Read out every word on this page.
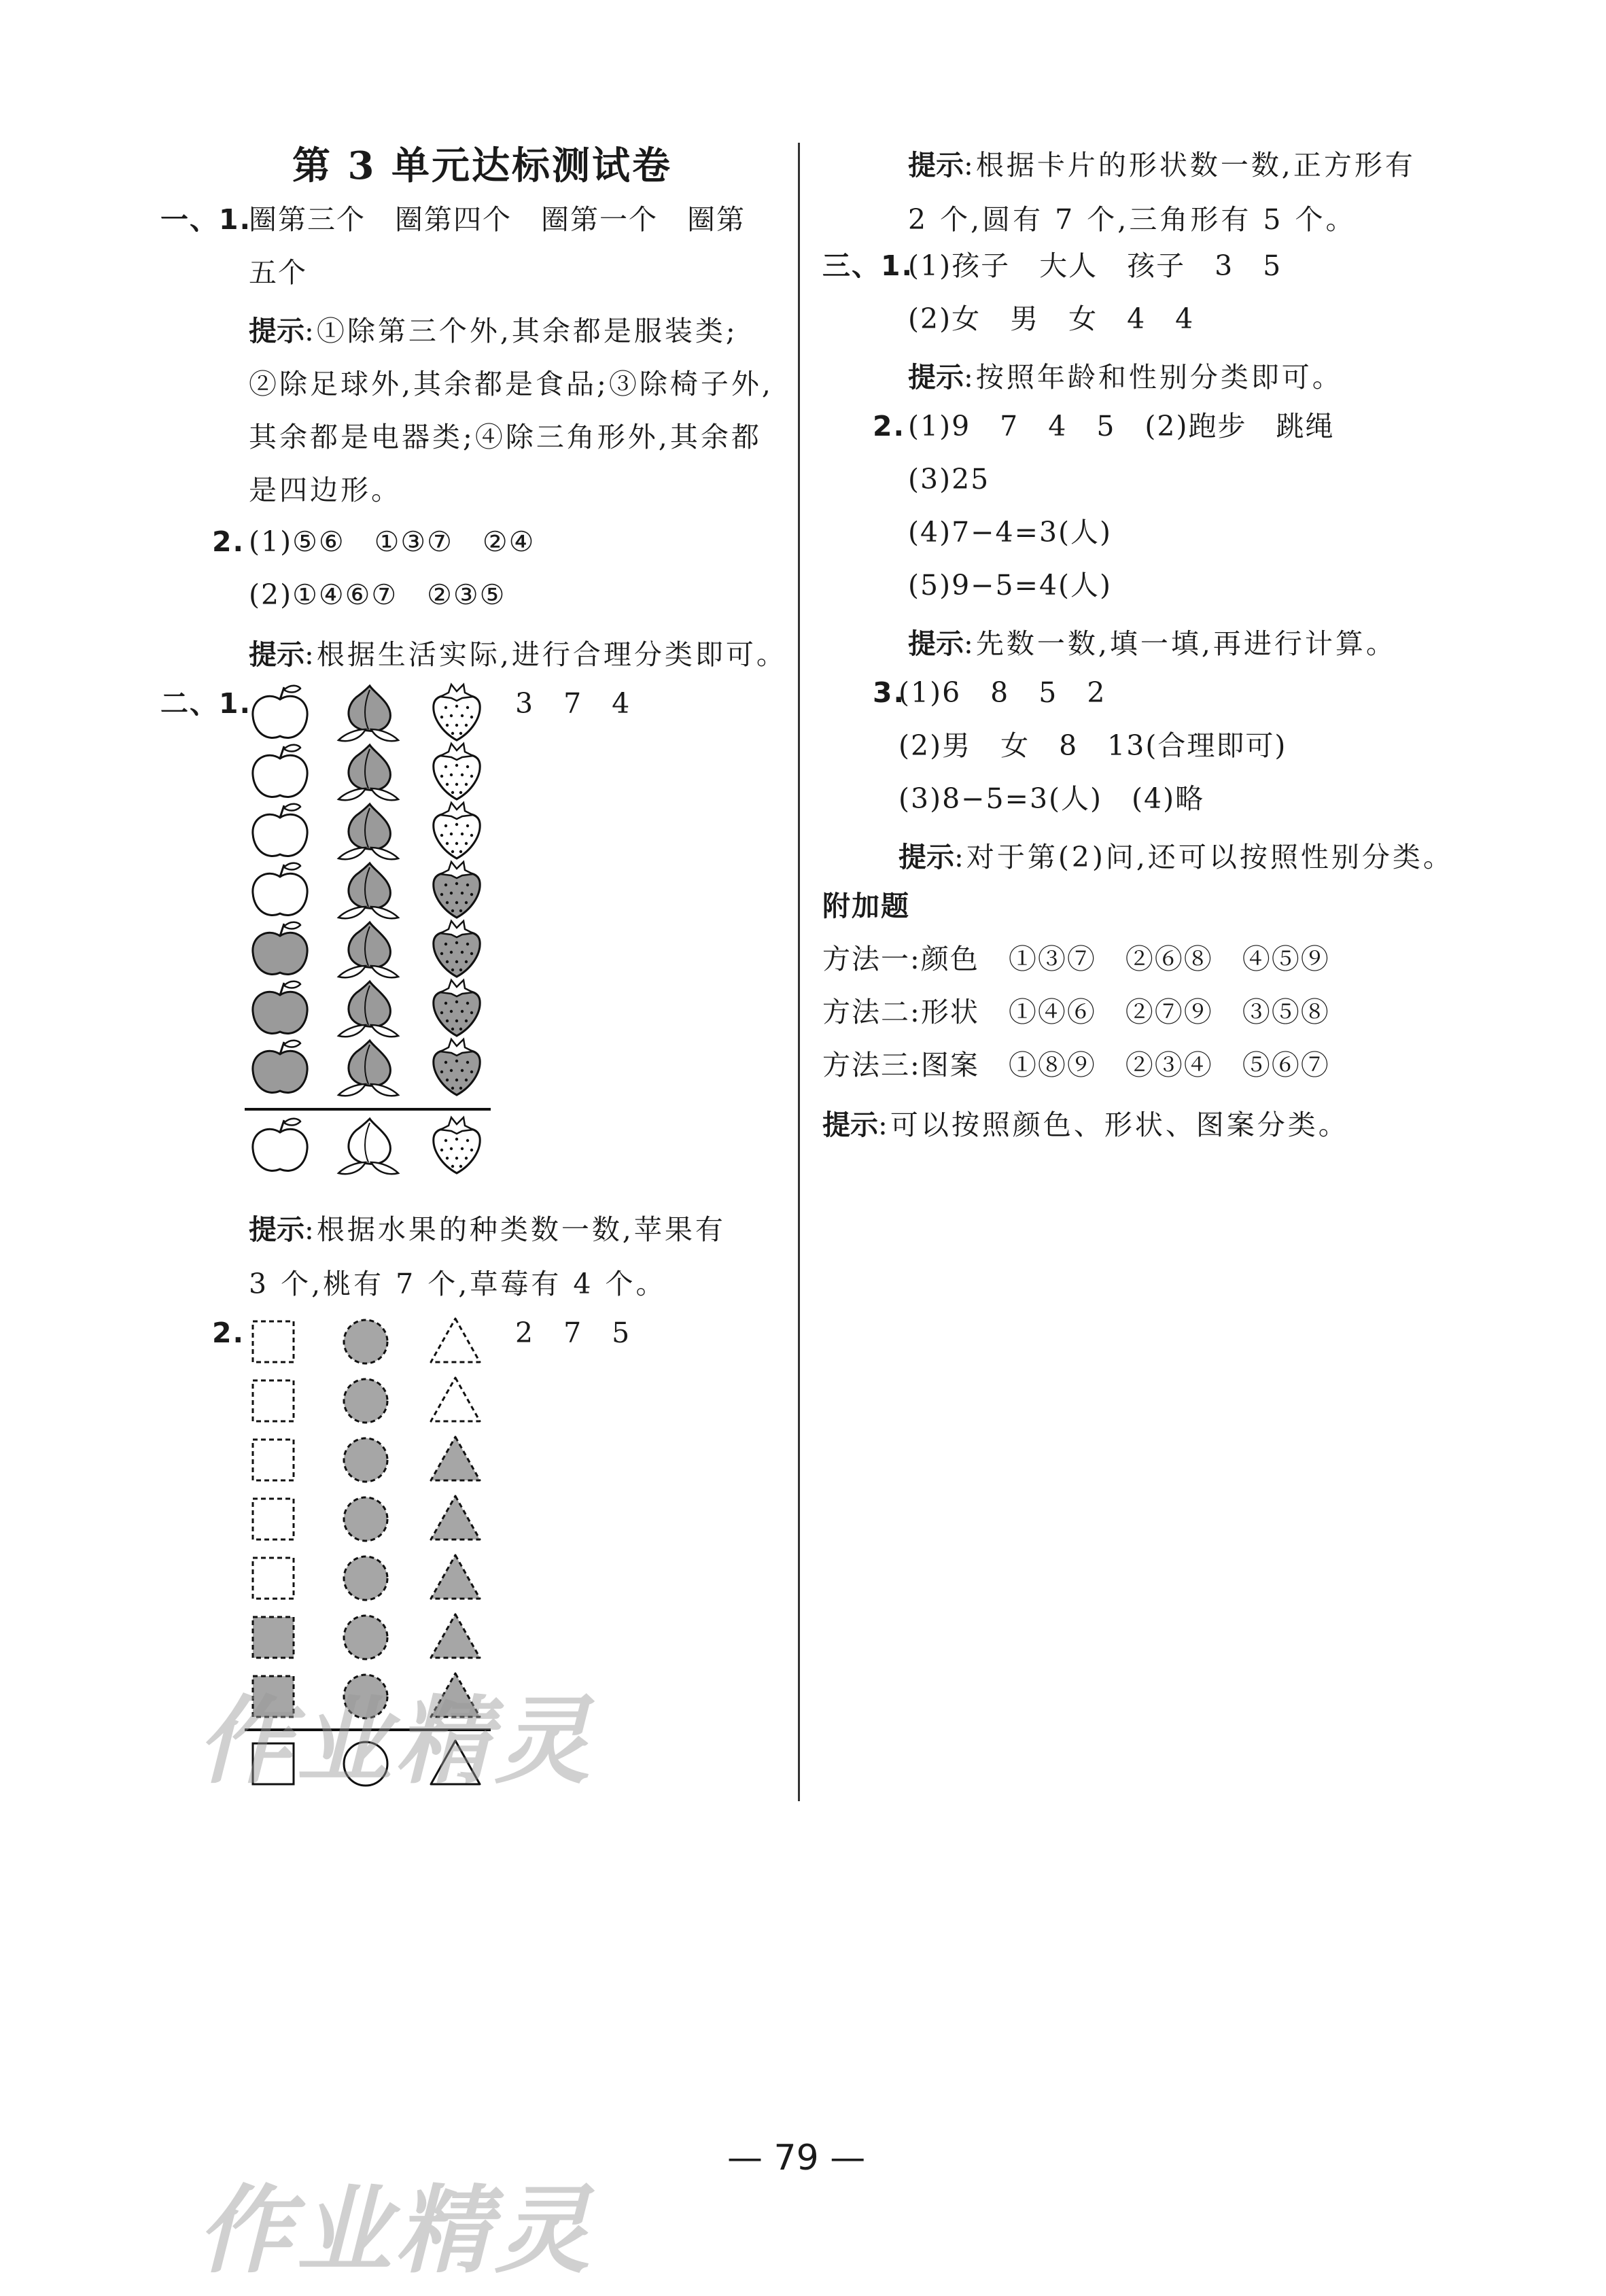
第 3 单元达标测试卷
一、1.
圈第三个　圈第四个　圈第一个　圈第
五个
提示:①除第三个外,其余都是服装类;
②除足球外,其余都是食品;③除椅子外,
其余都是电器类;④除三角形外,其余都
是四边形。
2. (1)⑤⑥　①③⑦　②④
(2)①④⑥⑦　②③⑤
提示:根据生活实际,进行合理分类即可。
二、1.	3　7　4
提示:根据水果的种类数一数,苹果有
3 个,桃有 7 个,草莓有 4 个。
2.	2　7　5
提示:根据卡片的形状数一数,正方形有
2 个,圆有 7 个,三角形有 5 个。
三、1.
(1)孩子　大人　孩子　3　5
(2)女　男　女　4　4
提示:按照年龄和性别分类即可。
2. (1)9　7　4　5　(2)跑步　跳绳
(3)25
(4)7−4=3(人)
(5)9−5=4(人)
提示:先数一数,填一填,再进行计算。
3.
(1)6　8　5　2
(2)男　女　8　13(合理即可)
(3)8−5=3(人)　(4)略
提示:对于第(2)问,还可以按照性别分类。
附加题
方法一:颜色　①③⑦　②⑥⑧　④⑤⑨
方法二:形状　①④⑥　②⑦⑨　③⑤⑧
方法三:图案　①⑧⑨　②③④　⑤⑥⑦
提示:可以按照颜色、形状、图案分类。
作业精灵
作业精灵
— 79 —
